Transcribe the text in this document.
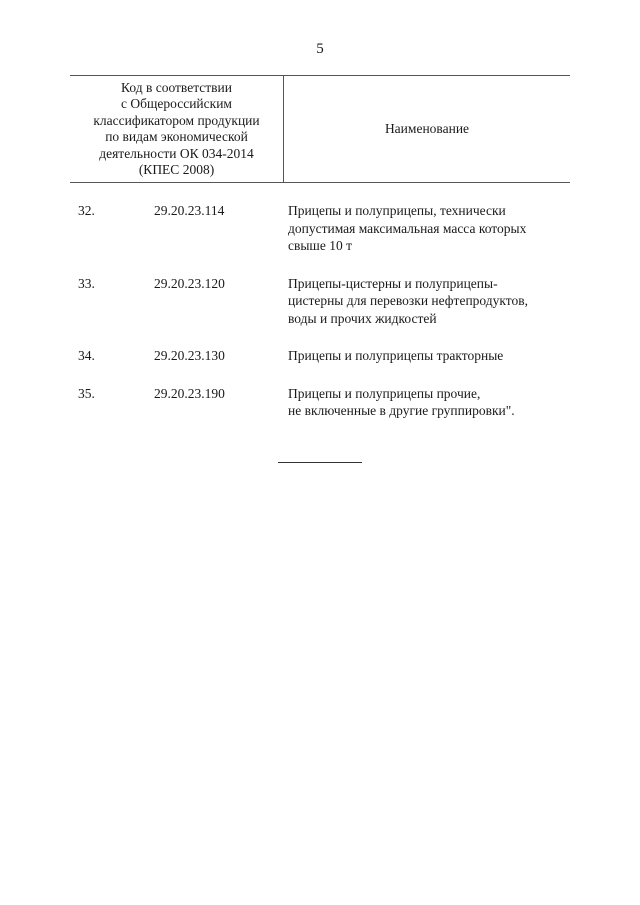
5
Код в соответствии
с Общероссийским
классификатором продукции
по видам экономической
деятельности ОК 034-2014
(КПЕС 2008)
Наименование
32.	29.20.23.114	Прицепы и полуприцепы, технически
допустимая максимальная масса которых
свыше 10 т
33.	29.20.23.120	Прицепы-цистерны и полуприцепы-
цистерны для перевозки нефтепродуктов,
воды и прочих жидкостей
34.	29.20.23.130	Прицепы и полуприцепы тракторные
35.	29.20.23.190	Прицепы и полуприцепы прочие,
не включенные в другие группировки".
